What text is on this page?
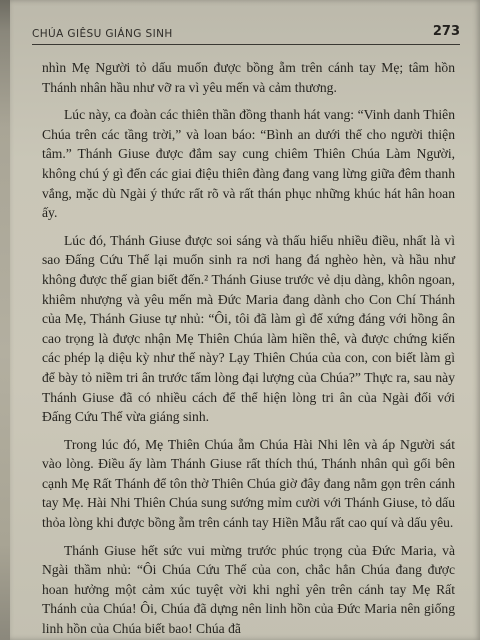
CHÚA GIÊSU GIÁNG SINH	273

nhìn Mẹ Người tỏ dấu muốn được bồng ẵm trên cánh tay Mẹ; tâm hồn Thánh nhân hầu như vỡ ra vì yêu mến và cảm thương.

Lúc này, ca đoàn các thiên thần đồng thanh hát vang: “Vinh danh Thiên Chúa trên các tầng trời,” và loan báo: “Bình an dưới thế cho người thiện tâm.” Thánh Giuse được đắm say cung chiêm Thiên Chúa Làm Người, không chú ý gì đến các giai điệu thiên đàng đang vang lừng giữa đêm thanh vắng, mặc dù Ngài ý thức rất rõ và rất thán phục những khúc hát hân hoan ấy.

Lúc đó, Thánh Giuse được soi sáng và thấu hiểu nhiều điều, nhất là vì sao Đấng Cứu Thế lại muốn sinh ra nơi hang đá nghèo hèn, và hầu như không được thế gian biết đến.² Thánh Giuse trước vẻ dịu dàng, khôn ngoan, khiêm nhượng và yêu mến mà Đức Maria đang dành cho Con Chí Thánh của Mẹ, Thánh Giuse tự nhủ: “Ôi, tôi đã làm gì để xứng đáng với hồng ân cao trọng là được nhận Mẹ Thiên Chúa làm hiền thê, và được chứng kiến các phép lạ diệu kỳ như thế này? Lạy Thiên Chúa của con, con biết làm gì để bày tỏ niềm tri ân trước tấm lòng đại lượng của Chúa?” Thực ra, sau này Thánh Giuse đã có nhiều cách để thể hiện lòng tri ân của Ngài đối với Đấng Cứu Thế vừa giáng sinh.

Trong lúc đó, Mẹ Thiên Chúa ẵm Chúa Hài Nhi lên và áp Người sát vào lòng. Điều ấy làm Thánh Giuse rất thích thú, Thánh nhân quì gối bên cạnh Mẹ Rất Thánh để tôn thờ Thiên Chúa giờ đây đang nằm gọn trên cánh tay Mẹ. Hài Nhi Thiên Chúa sung sướng mỉm cười với Thánh Giuse, tỏ dấu thỏa lòng khi được bồng ẵm trên cánh tay Hiền Mẫu rất cao quí và dấu yêu.

Thánh Giuse hết sức vui mừng trước phúc trọng của Đức Maria, và Ngài thầm nhủ: “Ôi Chúa Cứu Thế của con, chắc hẳn Chúa đang được hoan hưởng một cảm xúc tuyệt vời khi nghỉ yên trên cánh tay Mẹ Rất Thánh của Chúa! Ôi, Chúa đã dựng nên linh hồn của Đức Maria nên giống linh hồn của Chúa biết bao! Chúa đã
